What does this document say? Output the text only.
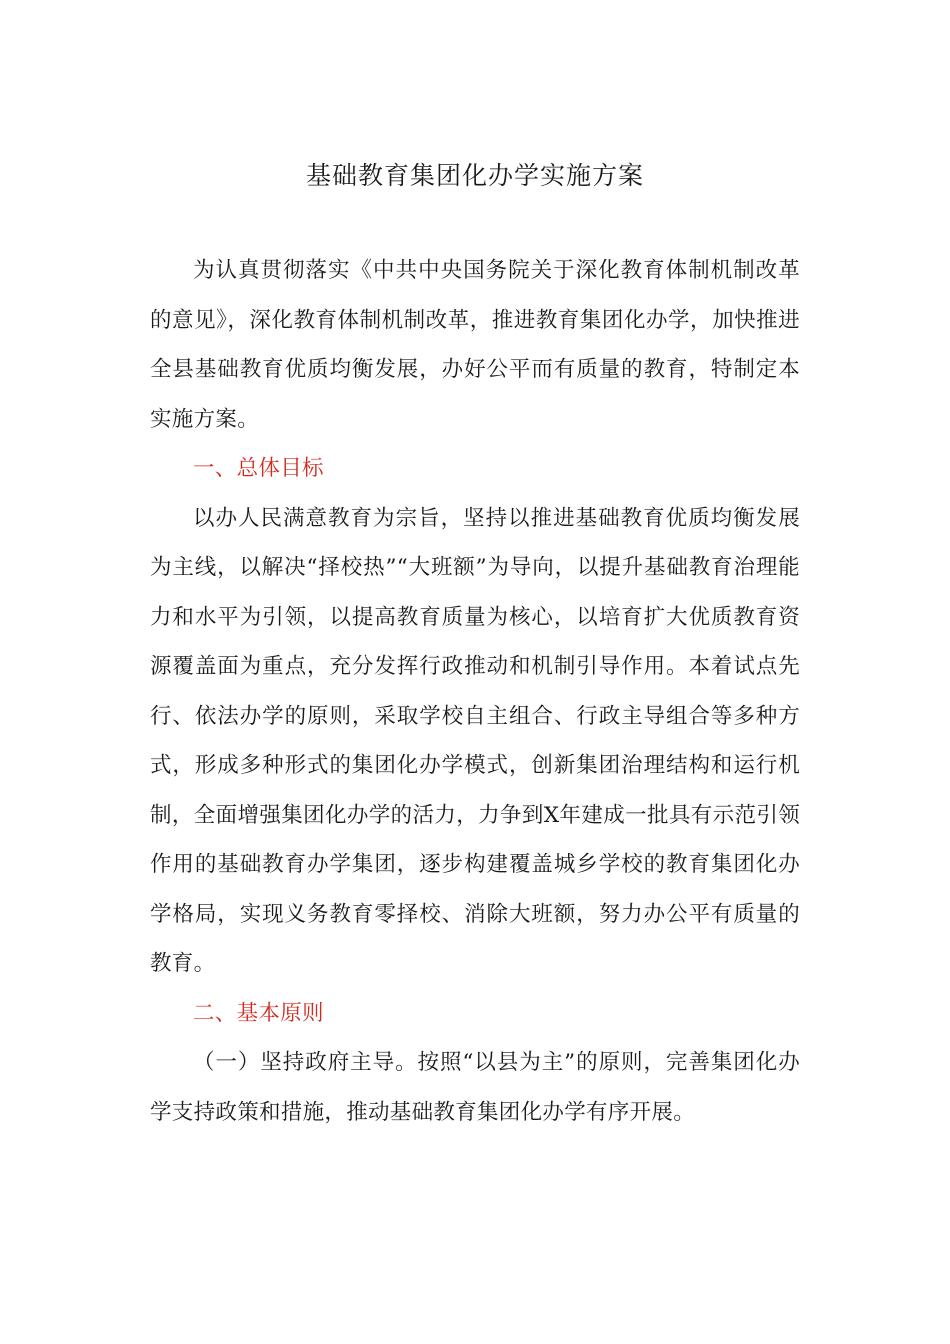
基础教育集团化办学实施方案

为认真贯彻落实《中共中央国务院关于深化教育体制机制改革的意见》，深化教育体制机制改革，推进教育集团化办学，加快推进全县基础教育优质均衡发展，办好公平而有质量的教育，特制定本实施方案。

一、总体目标

以办人民满意教育为宗旨，坚持以推进基础教育优质均衡发展为主线，以解决“择校热”“大班额”为导向，以提升基础教育治理能力和水平为引领，以提高教育质量为核心，以培育扩大优质教育资源覆盖面为重点，充分发挥行政推动和机制引导作用。本着试点先行、依法办学的原则，采取学校自主组合、行政主导组合等多种方式，形成多种形式的集团化办学模式，创新集团治理结构和运行机制，全面增强集团化办学的活力，力争到X年建成一批具有示范引领作用的基础教育办学集团，逐步构建覆盖城乡学校的教育集团化办学格局，实现义务教育零择校、消除大班额，努力办公平有质量的教育。

二、基本原则

（一）坚持政府主导。按照“以县为主”的原则，完善集团化办学支持政策和措施，推动基础教育集团化办学有序开展。
